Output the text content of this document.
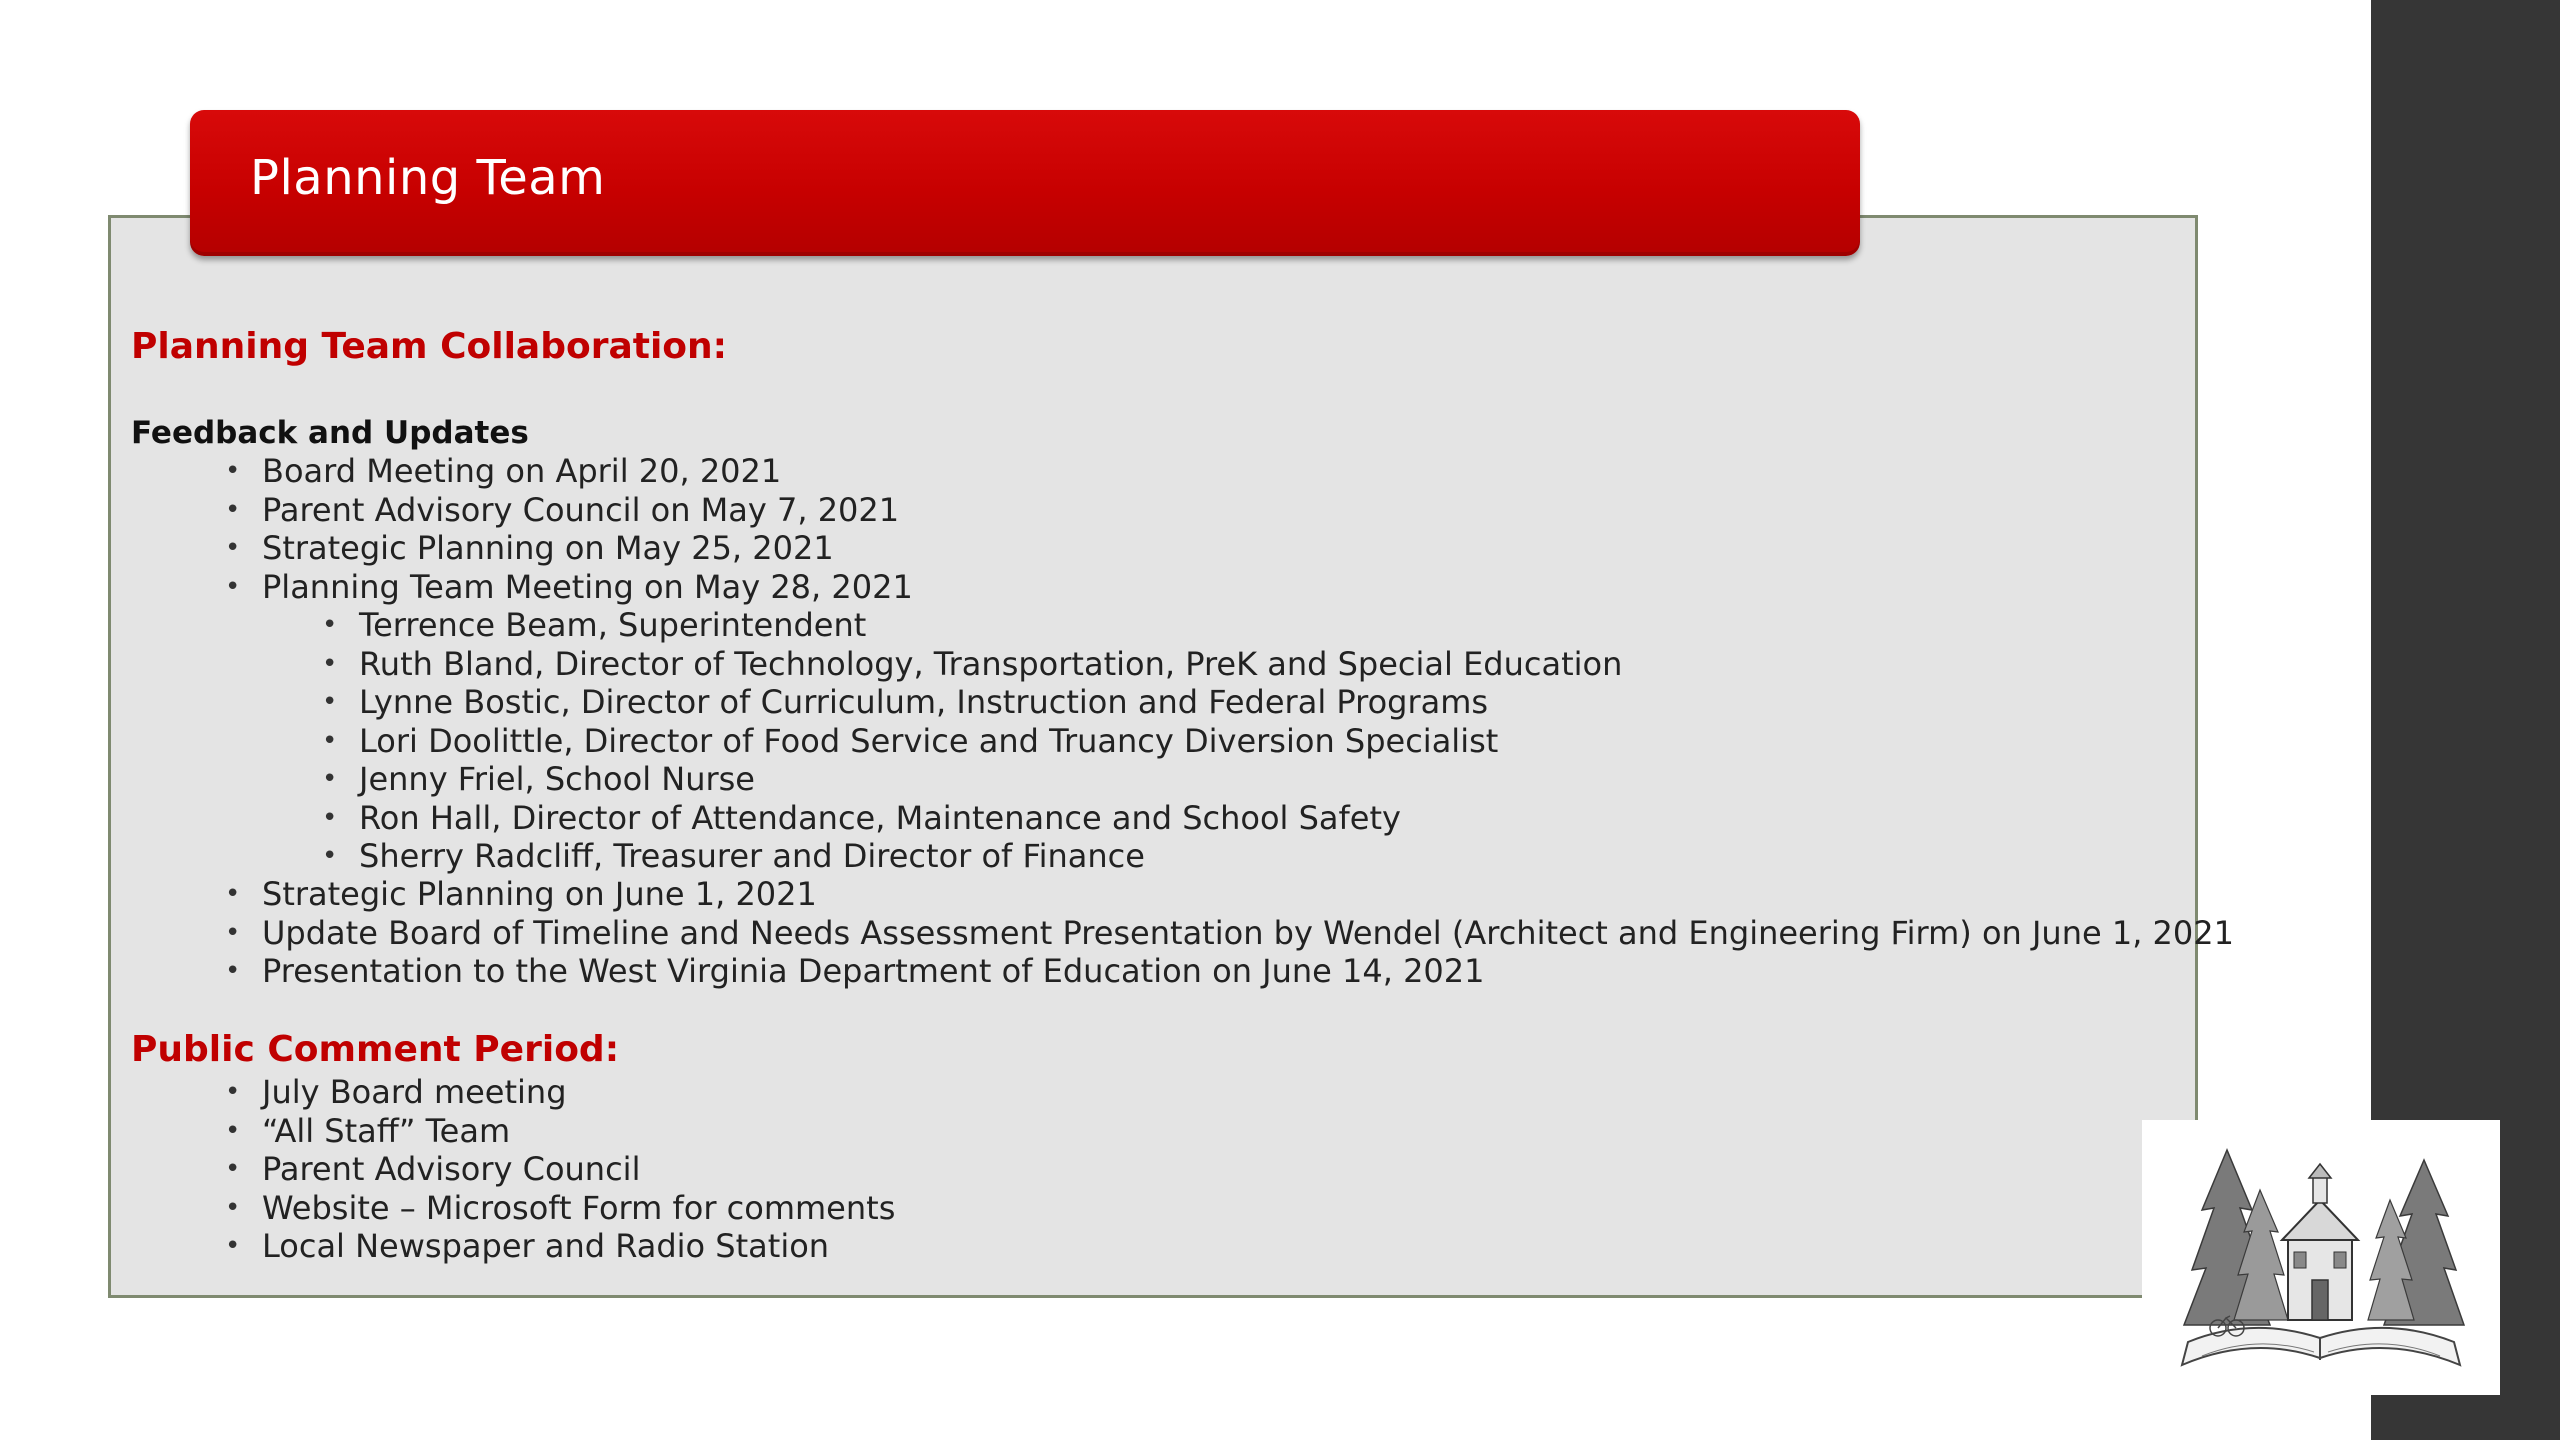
Planning Team
Planning Team Collaboration:
Feedback and Updates
• Board Meeting on April 20, 2021
• Parent Advisory Council on May 7, 2021
• Strategic Planning on May 25, 2021
• Planning Team Meeting on May 28, 2021
• Terrence Beam, Superintendent
• Ruth Bland, Director of Technology, Transportation, PreK and Special Education
• Lynne Bostic, Director of Curriculum, Instruction and Federal Programs
• Lori Doolittle, Director of Food Service and Truancy Diversion Specialist
• Jenny Friel, School Nurse
• Ron Hall, Director of Attendance, Maintenance and School Safety
• Sherry Radcliff, Treasurer and Director of Finance
• Strategic Planning on June 1, 2021
• Update Board of Timeline and Needs Assessment Presentation by Wendel (Architect and Engineering Firm) on June 1, 2021
• Presentation to the West Virginia Department of Education on June 14, 2021
Public Comment Period:
• July Board meeting
• “All Staff” Team
• Parent Advisory Council
• Website – Microsoft Form for comments
• Local Newspaper and Radio Station
